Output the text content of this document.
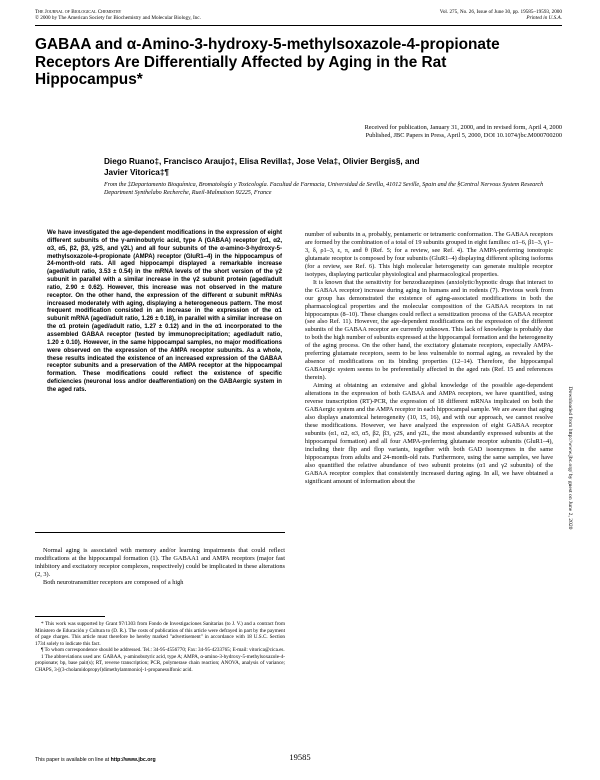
The Journal of Biological Chemistry
© 2000 by The American Society for Biochemistry and Molecular Biology, Inc.
Vol. 275, No. 26, Issue of June 30, pp. 19585–19593, 2000
Printed in U.S.A.
GABAA and α-Amino-3-hydroxy-5-methylsoxazole-4-propionate Receptors Are Differentially Affected by Aging in the Rat Hippocampus*
Received for publication, January 31, 2000, and in revised form, April 4, 2000
Published, JBC Papers in Press, April 5, 2000, DOI 10.1074/jbc.M000700200
Diego Ruano‡, Francisco Araujo‡, Elisa Revilla‡, Jose Vela‡, Olivier Bergis§, and
Javier Vitorica‡¶
From the ‡Departamento Bioquímica, Bromatología y Toxicología. Facultad de Farmacia, Universidad de Sevilla, 41012 Seville, Spain and the §Central Nervous System Research Department Synthelabo Recherche, Rueil-Malmaison 92225, France

We have investigated the age-dependent modifications in the expression of eight different subunits of the γ-aminobutyric acid, type A (GABAA) receptor (α1, α2, α3, α5, β2, β3, γ2S, and γ2L) and all four subunits of the α-amino-3-hydroxy-5-methylsoxazole-4-propionate (AMPA) receptor (GluR1–4) in the hippocampus of 24-month-old rats. All aged hippocampi displayed a remarkable increase (aged/adult ratio, 3.53 ± 0.54) in the mRNA levels of the short version of the γ2 subunit in parallel with a similar increase in the γ2 subunit protein (aged/adult ratio, 2.90 ± 0.62). However, this increase was not observed in the mature receptor. On the other hand, the expression of the different α subunit mRNAs increased moderately with aging, displaying a heterogeneous pattern. The most frequent modification consisted in an increase in the expression of the α1 subunit mRNA (aged/adult ratio, 1.26 ± 0.18), in parallel with a similar increase on the α1 protein (aged/adult ratio, 1.27 ± 0.12) and in the α1 incorporated to the assembled GABAA receptor (tested by immunoprecipitation; aged/adult ratio, 1.20 ± 0.10). However, in the same hippocampal samples, no major modifications were observed on the expression of the AMPA receptor subunits. As a whole, these results indicated the existence of an increased expression of the GABAA receptor subunits and a preservation of the AMPA receptor at the hippocampal formation. These modifications could reflect the existence of specific deficiencies (neuronal loss and/or deafferentiation) on the GABAergic system in the aged rats.

Normal aging is associated with memory and/or learning impairments that could reflect modifications at the hippocampal formation (1). The GABAA1 and AMPA receptors (major fast inhibitory and excitatory receptor complexes, respectively) could be implicated in these alterations (2, 3).

Both neurotransmitter receptors are composed of a high

* This work was supported by Grant 97/1303 from Fondo de Investigaciones Sanitarias (to J. V.) and a contract from Ministero de Educación y Cultura to (D. R.). The costs of publication of this article were defrayed in part by the payment of page charges. This article must therefore be hereby marked "advertisement" in accordance with 18 U.S.C. Section 1734 solely to indicate this fact.

¶ To whom correspondence should be addressed. Tel.: 34-95-4556770; Fax: 34-95-4233765; E-mail: vitorica@cica.es.

1 The abbreviations used are: GABAA, γ-aminobutyric acid, type A; AMPA, α-amino-3-hydroxy-5-methylsoxazole-4-propionate; bp, base pair(s); RT, reverse transcription; PCR, polymerase chain reaction; ANOVA, analysis of variance; CHAPS, 3-[(3-cholamidopropyl)dimethylammonio]-1-propanesulfonic acid.

number of subunits in a, probably, pentameric or tetrameric conformation. The GABAA receptors are formed by the combination of a total of 19 subunits grouped in eight families: α1–6, β1–3, γ1–3, δ, ρ1–3, ε, π, and θ (Ref. 5; for a review, see Ref. 4). The AMPA-preferring ionotropic glutamate receptor is composed by four subunits (GluR1–4) displaying different splicing isoforms (for a review, see Ref. 6). This high molecular heterogeneity can generate multiple receptor isotypes, displaying particular physiological and pharmacological properties.

It is known that the sensitivity for benzodiazepines (anxiolytic/hypnotic drugs that interact to the GABAA receptor) increase during aging in humans and in rodents (7). Previous work from our group has demonstrated the existence of aging-associated modifications in both the pharmacological properties and the molecular composition of the GABAA receptors in rat hippocampus (8–10). These changes could reflect a sensitization process of the GABAA receptor (see also Ref. 11). However, the age-dependent modifications on the expression of the different subunits of the GABAA receptor are currently unknown. This lack of knowledge is probably due to both the high number of subunits expressed at the hippocampal formation and the heterogeneity of the aging process. On the other hand, the excitatory glutamate receptors, especially AMPA-preferring glutamate receptors, seem to be less vulnerable to normal aging, as revealed by the absence of modifications on its binding properties (12–14). Therefore, the hippocampal GABAergic system seems to be preferentially affected in the aged rats (Ref. 15 and references therein).

Aiming at obtaining an extensive and global knowledge of the possible age-dependent alterations in the expression of both GABAA and AMPA receptors, we have quantified, using reverse transcription (RT)-PCR, the expression of 18 different mRNAs implicated on both the GABAergic system and the AMPA receptor in each hippocampal sample. We are aware that aging also displays anatomical heterogeneity (10, 15, 16), and with our approach, we cannot resolve these modifications. However, we have analyzed the expression of eight GABAA receptor subunits (α1, α2, α3, α5, β2, β3, γ2S, and γ2L, the most abundantly expressed subunits at the hippocampal formation) and all four AMPA-preferring glutamate receptor subunits (GluR1–4), including their flip and flop variants, together with both GAD isoenzymes in the same hippocampus from adults and 24-month-old rats. Furthermore, using the same samples, we have also quantified the relative abundance of two subunit proteins (α1 and γ2 subunits) of the GABAA receptor complex that consistently increased during aging. In all, we have obtained a significant amount of information about the	Downloaded from http://www.jbc.org/ by guest on June 2, 2020
This paper is available on line at http://www.jbc.org	19585
